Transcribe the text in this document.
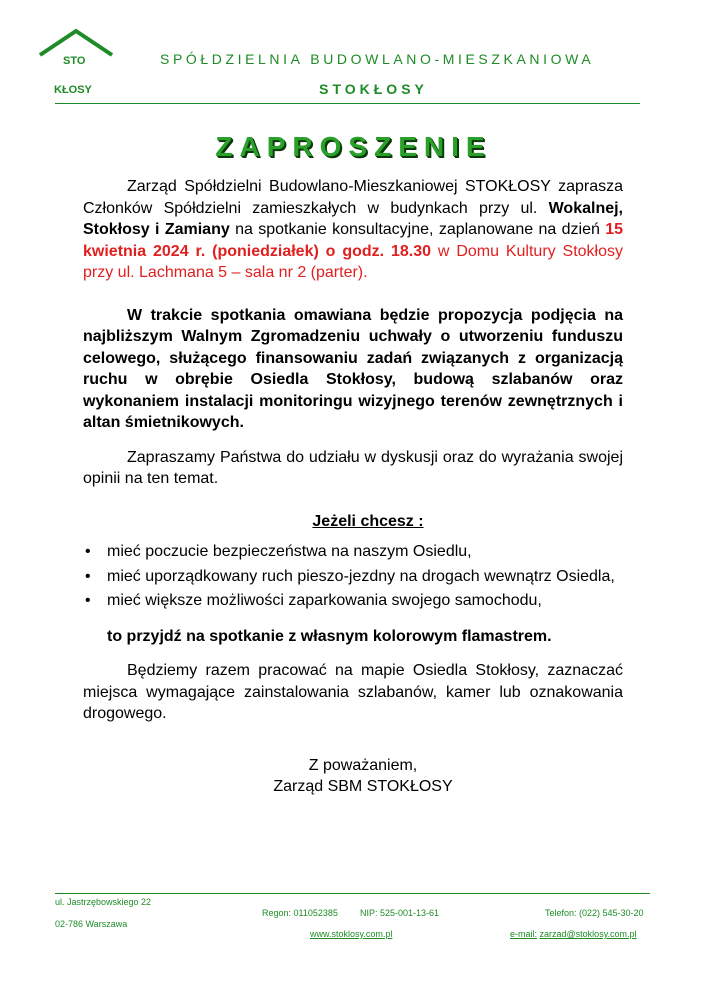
STO
KŁOSY
SPÓŁDZIELNIA BUDOWLANO-MIESZKANIOWA
STOKŁOSY
ZAPROSZENIE

Zarząd Spółdzielni Budowlano-Mieszkaniowej STOKŁOSY zaprasza Członków Spółdzielni zamieszkałych w budynkach przy ul. Wokalnej, Stokłosy i Zamiany na spotkanie konsultacyjne, zaplanowane na dzień 15 kwietnia 2024 r. (poniedziałek) o godz. 18.30 w Domu Kultury Stokłosy przy ul. Lachmana 5 – sala nr 2 (parter).

W trakcie spotkania omawiana będzie propozycja podjęcia na najbliższym Walnym Zgromadzeniu uchwały o utworzeniu funduszu celowego, służącego finansowaniu zadań związanych z organizacją ruchu w obrębie Osiedla Stokłosy, budową szlabanów oraz wykonaniem instalacji monitoringu wizyjnego terenów zewnętrznych i altan śmietnikowych.

Zapraszamy Państwa do udziału w dyskusji oraz do wyrażania swojej opinii na ten temat.

Jeżeli chcesz :

• mieć poczucie bezpieczeństwa na naszym Osiedlu,
• mieć uporządkowany ruch pieszo-jezdny na drogach wewnątrz Osiedla,
• mieć większe możliwości zaparkowania swojego samochodu,

to przyjdź na spotkanie z własnym kolorowym flamastrem.

Będziemy razem pracować na mapie Osiedla Stokłosy, zaznaczać miejsca wymagające zainstalowania szlabanów, kamer lub oznakowania drogowego.

Z poważaniem,

Zarząd SBM STOKŁOSY

ul. Jastrzębowskiego 22
02-786 Warszawa
Regon: 011052385 NIP: 525-001-13-61	Telefon: (022) 545-30-20
www.stoklosy.com.pl	e-mail: zarzad@stoklosy.com.pl
